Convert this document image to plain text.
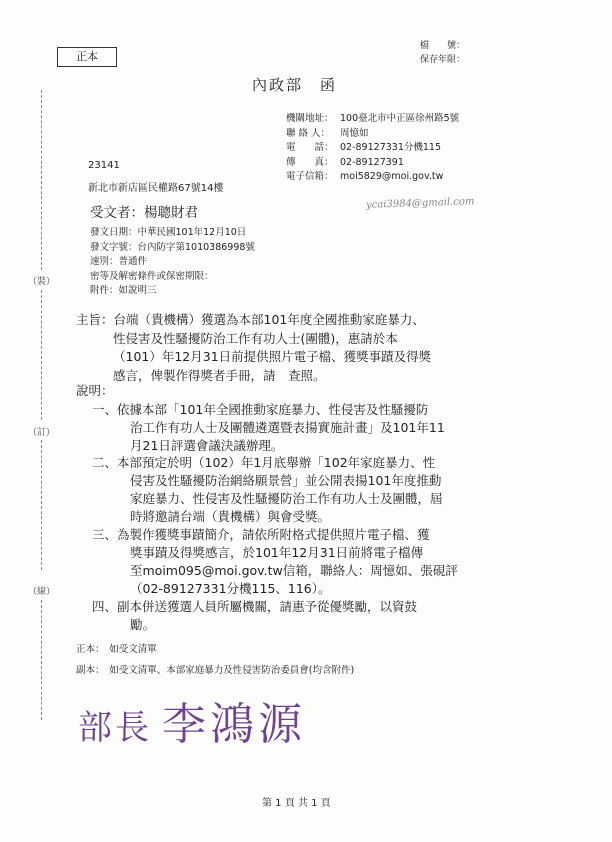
正本
檔　　號：
保存年限：
內政部　函
機關地址： 100臺北市中正區徐州路5號
聯 絡 人： 周憶如
電　　話： 02-89127331分機115
傳　　真： 02-89127391
電子信箱： moi5829@moi.gov.tw
23141
新北市新店區民權路67號14樓
受文者：楊聰財君
ycai3984@gmail.com
發文日期：中華民國101年12月10日
發文字號：台內防字第1010386998號
速別：普通件
密等及解密條件或保密期限：
附件：如說明三
（裝）
（訂）
（線）
主旨：台端（貴機構）獲選為本部101年度全國推動家庭暴力、
性侵害及性騷擾防治工作有功人士(團體)，惠請於本
（101）年12月31日前提供照片電子檔、獲獎事蹟及得獎
感言，俾製作得獎者手冊，請　查照。
說明：
一、依據本部「101年全國推動家庭暴力、性侵害及性騷擾防
治工作有功人士及團體遴選暨表揚實施計畫」及101年11
月21日評選會議決議辦理。
二、本部預定於明（102）年1月底舉辦「102年家庭暴力、性
侵害及性騷擾防治網絡願景營」並公開表揚101年度推動
家庭暴力、性侵害及性騷擾防治工作有功人士及團體，屆
時將邀請台端（貴機構）與會受獎。
三、為製作獲獎事蹟簡介，請依所附格式提供照片電子檔、獲
獎事蹟及得獎感言，於101年12月31日前將電子檔傳
至moim095@moi.gov.tw信箱，聯絡人：周憶如、張硯評
（02-89127331分機115、116）。
四、副本併送獲選人員所屬機關，請惠予從優獎勵，以資鼓
勵。
正本：　如受文清單
副本：　如受文清單、本部家庭暴力及性侵害防治委員會(均含附件)
部長 李鴻源
第 1 頁 共 1 頁
